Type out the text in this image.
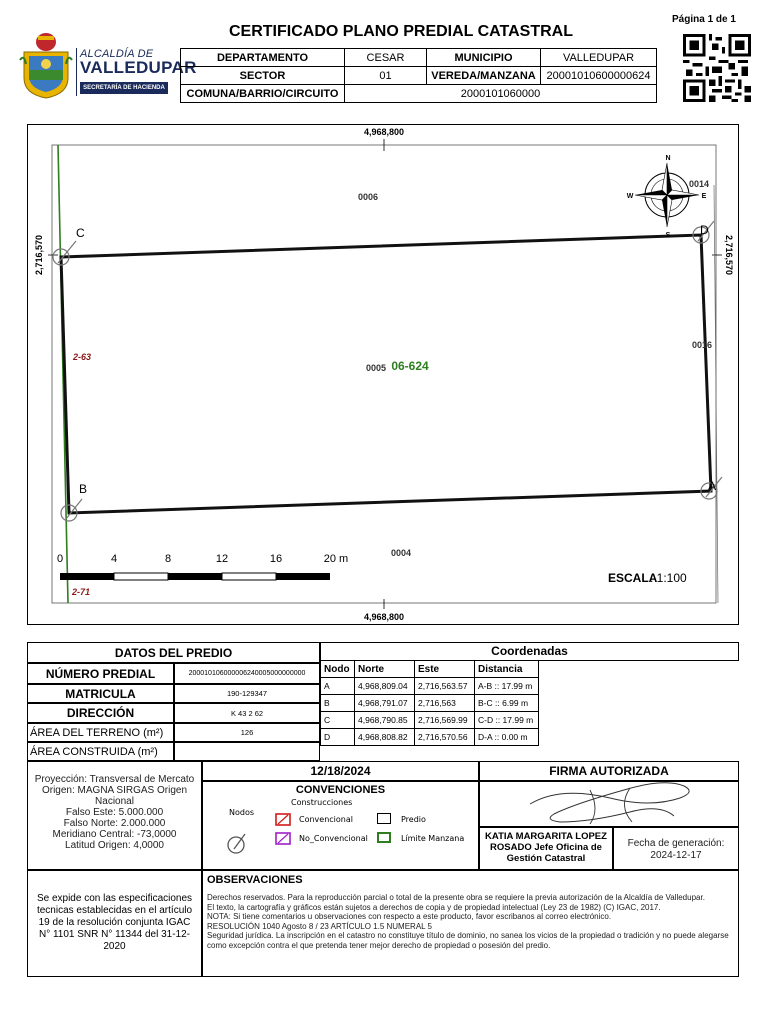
ALCALDÍA DE
VALLEDUPAR
SECRETARÍA DE HACIENDA
CERTIFICADO PLANO PREDIAL CATASTRAL
Página 1 de 1
DEPARTAMENTO	CESAR	MUNICIPIO	VALLEDUPAR
SECTOR	01	VEREDA/MANZANA	20001010600000624
COMUNA/BARRIO/CIRCUITO	2000101060000		
4,968,800
4,968,800
2,716,570	2,716,570
0006
0004
0016
0014
0005 06-624
2-63
2-71
C	D
A
B
N
S
E
W
0	4	8	12	16	20 m
ESCALA
: 1:100
DATOS DEL PREDIO	Coordenadas
NÚMERO PREDIAL	200010106000006240005000000000
MATRICULA	190-129347
DIRECCIÓN	K 43 2 62
ÁREA DEL TERRENO (m²)	126
ÁREA CONSTRUIDA (m²)
Nodo	Norte	Este	Distancia
A	4,968,809.04	2,716,563.57	A-B :: 17.99 m
B	4,968,791.07	2,716,563	B-C :: 6.99 m
C	4,968,790.85	2,716,569.99	C-D :: 17.99 m
D	4,968,808.82	2,716,570.56	D-A :: 0.00 m
Proyección: Transversal de Mercato
Origen: MAGNA SIRGAS Origen
Nacional
Falso Este: 5.000.000
Falso Norte: 2.000.000
Meridiano Central: -73,0000
Latitud Origen: 4,0000
12/18/2024
CONVENCIONES
Nodos
Construcciones
Convencional
No_Convencional
Predio
Límite Manzana
FIRMA AUTORIZADA
KATIA MARGARITA LOPEZ ROSADO Jefe Oficina de Gestión Catastral
Fecha de generación:
2024-12-17
Se expide con las especificaciones tecnicas establecidas en el artículo 19 de la resolución conjunta IGAC N° 1101 SNR N° 11344 del 31-12-2020
OBSERVACIONES
Derechos reservados. Para la reproducción parcial o total de la presente obra se requiere la previa autorización de la Alcaldía de Valledupar.
El texto, la cartografía y gráficos están sujetos a derechos de copia y de propiedad intelectual (Ley 23 de 1982) (C) IGAC, 2017.
NOTA: Si tiene comentarios u observaciones con respecto a este producto, favor escribanos al correo electrónico.
RESOLUCIÓN 1040 Agosto 8 / 23 ARTÍCULO 1.5 NUMERAL 5
Seguridad jurídica. La inscripción en el catastro no constituye título de dominio, no sanea los vicios de la propiedad o tradición y no puede alegarse como excepción contra el que pretenda tener mejor derecho de propiedad o posesión del predio.
